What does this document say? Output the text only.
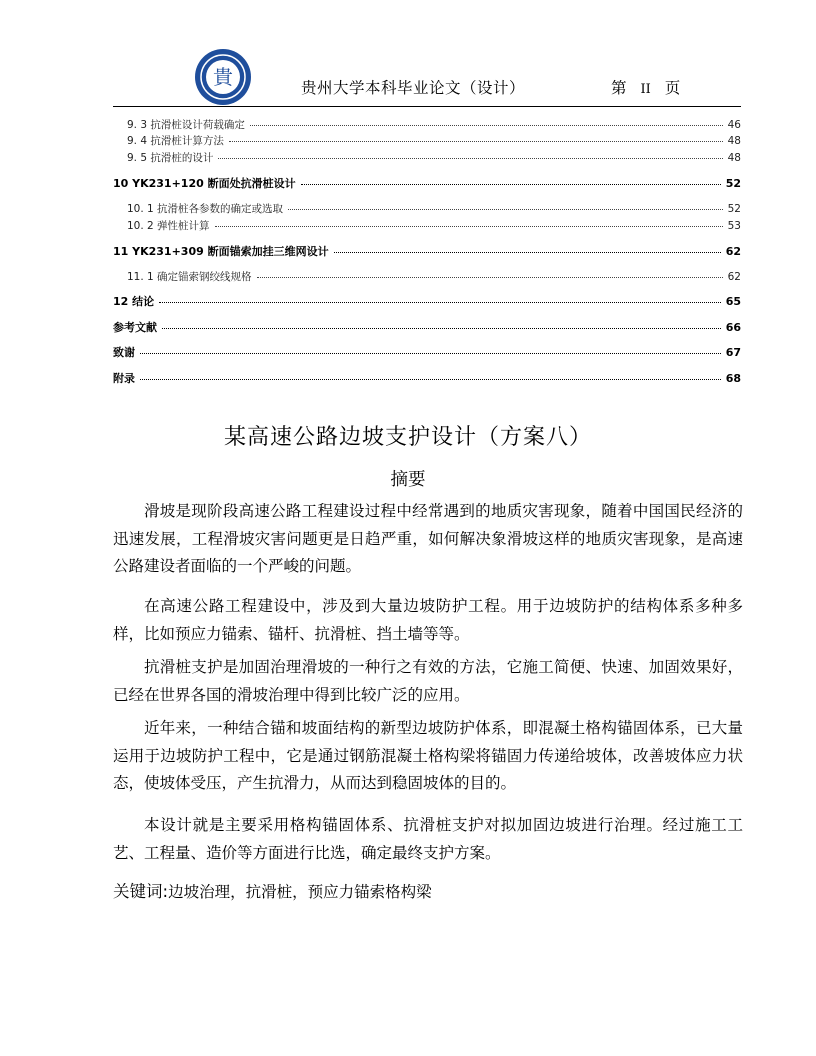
貴	贵州大学本科毕业论文（设计）	第 II 页
9. 3 抗滑桩设计荷载确定	46
9. 4 抗滑桩计算方法	48
9. 5 抗滑桩的设计	48
10 YK231+120 断面处抗滑桩设计	52
10. 1 抗滑桩各参数的确定或选取	52
10. 2 弹性桩计算	53
11 YK231+309 断面锚索加挂三维网设计	62
11. 1 确定锚索钢绞线规格	62
12 结论	65
参考文献	66
致谢	67
附录	68
某高速公路边坡支护设计（方案八）
摘要
滑坡是现阶段高速公路工程建设过程中经常遇到的地质灾害现象，随着中国国民经济的迅速发展，工程滑坡灾害问题更是日趋严重，如何解决象滑坡这样的地质灾害现象，是高速公路建设者面临的一个严峻的问题。
在高速公路工程建设中，涉及到大量边坡防护工程。用于边坡防护的结构体系多种多样，比如预应力锚索、锚杆、抗滑桩、挡土墙等等。
抗滑桩支护是加固治理滑坡的一种行之有效的方法，它施工简便、快速、加固效果好，已经在世界各国的滑坡治理中得到比较广泛的应用。
近年来，一种结合锚和坡面结构的新型边坡防护体系，即混凝土格构锚固体系，已大量运用于边坡防护工程中，它是通过钢筋混凝土格构梁将锚固力传递给坡体，改善坡体应力状态，使坡体受压，产生抗滑力，从而达到稳固坡体的目的。
本设计就是主要采用格构锚固体系、抗滑桩支护对拟加固边坡进行治理。经过施工工艺、工程量、造价等方面进行比选，确定最终支护方案。
关键词:边坡治理，抗滑桩，预应力锚索格构梁
